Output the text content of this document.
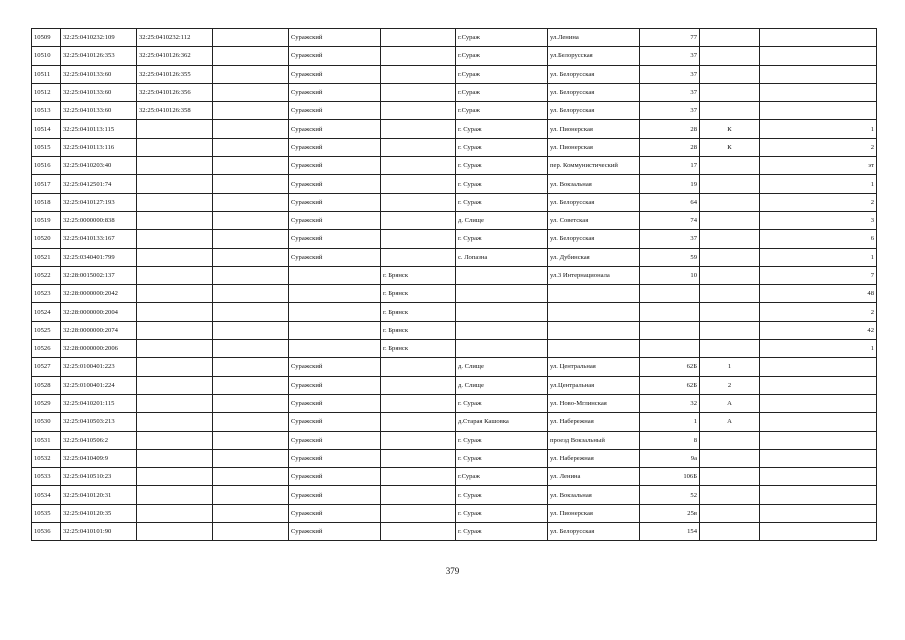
10509	32:25:0410232:109	32:25:0410232:112		Суражский		г.Сураж	ул.Ленина	77		
10510	32:25:0410126:353	32:25:0410126:362		Суражский		г.Сураж	ул.Белорусская	37		
10511	32:25:0410133:60	32:25:0410126:355		Суражский		г.Сураж	ул. Белорусская	37		
10512	32:25:0410133:60	32:25:0410126:356		Суражский		г.Сураж	ул. Белорусская	37		
10513	32:25:0410133:60	32:25:0410126:358		Суражский		г.Сураж	ул. Белорусская	37		
10514	32:25:0410113:115			Суражский		г. Сураж	ул. Пионерская	28	К	1
10515	32:25:0410113:116			Суражский		г. Сураж	ул. Пионерская	28	К	2
10516	32:25:0410203:40			Суражский		г. Сураж	пер. Коммунистический	17		эт
10517	32:25:0412501:74			Суражский		г. Сураж	ул. Вокзальная	19		1
10518	32:25:0410127:193			Суражский		г. Сураж	ул. Белорусская	64		2
10519	32:25:0000000:838			Суражский		д. Слище	ул. Советская	74		3
10520	32:25:0410133:167			Суражский		г. Сураж	ул. Белорусская	37		6
10521	32:25:0340401:799			Суражский		с. Лопазна	ул. Дубинская	59		1
10522	32:28:0015002:137				г. Брянск		ул.3 Интернационала	10		7
10523	32:28:0000000:2042				г. Брянск					48
10524	32:28:0000000:2004				г. Брянск					2
10525	32:28:0000000:2074				г. Брянск					42
10526	32:28:0000000:2006				г. Брянск					1
10527	32:25:0100401:223			Суражский		д. Слище	ул. Центральная	62Б	1	
10528	32:25:0100401:224			Суражский		д. Слище	ул.Центральная	62Б	2	
10529	32:25:0410201:115			Суражский		г. Сураж	ул. Ново-Мглинская	32	А	
10530	32:25:0410503:213			Суражский		д.Старая Кашовка	ул. Набережная	1	А	
10531	32:25:0410506:2			Суражский		г. Сураж	проезд Вокзальный	8		
10532	32:25:0410409:9			Суражский		г. Сураж	ул. Набережная	9а		
10533	32:25:0410510:23			Суражский		г.Сураж	ул. Ленина	106Б		
10534	32:25:0410120:31			Суражский		г. Сураж	ул. Вокзальная	52		
10535	32:25:0410120:35			Суражский		г. Сураж	ул. Пионерская	25в		
10536	32:25:0410101:90			Суражский		г. Сураж	ул. Белорусская	154		
379
